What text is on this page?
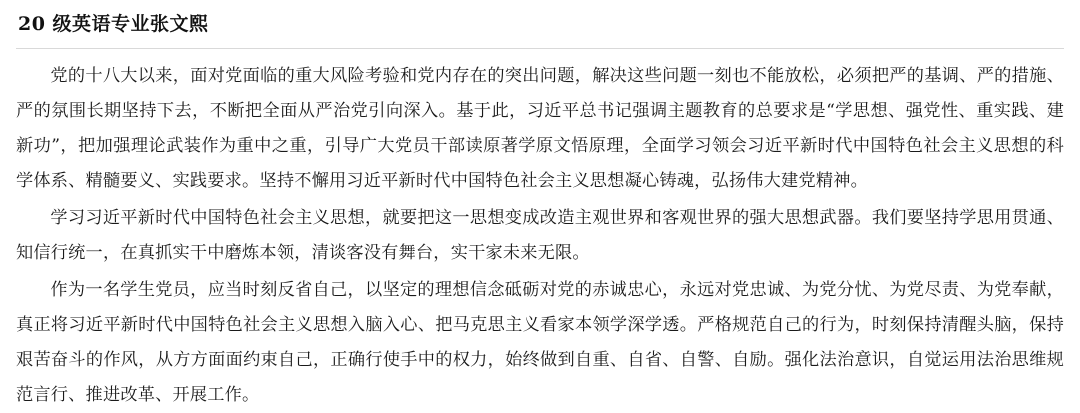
20 级英语专业张文熙

党的十八大以来，面对党面临的重大风险考验和党内存在的突出问题，解决这些问题一刻也不能放松，必须把严的基调、严的措施、严的氛围长期坚持下去，不断把全面从严治党引向深入。基于此，习近平总书记强调主题教育的总要求是“学思想、强党性、重实践、建新功”，把加强理论武装作为重中之重，引导广大党员干部读原著学原文悟原理，全面学习领会习近平新时代中国特色社会主义思想的科学体系、精髓要义、实践要求。坚持不懈用习近平新时代中国特色社会主义思想凝心铸魂，弘扬伟大建党精神。

学习习近平新时代中国特色社会主义思想，就要把这一思想变成改造主观世界和客观世界的强大思想武器。我们要坚持学思用贯通、知信行统一，在真抓实干中磨炼本领，清谈客没有舞台，实干家未来无限。

作为一名学生党员，应当时刻反省自己，以坚定的理想信念砥砺对党的赤诚忠心，永远对党忠诚、为党分忧、为党尽责、为党奉献，真正将习近平新时代中国特色社会主义思想入脑入心、把马克思主义看家本领学深学透。严格规范自己的行为，时刻保持清醒头脑，保持艰苦奋斗的作风，从方方面面约束自己，正确行使手中的权力，始终做到自重、自省、自警、自励。强化法治意识，自觉运用法治思维规范言行、推进改革、开展工作。
